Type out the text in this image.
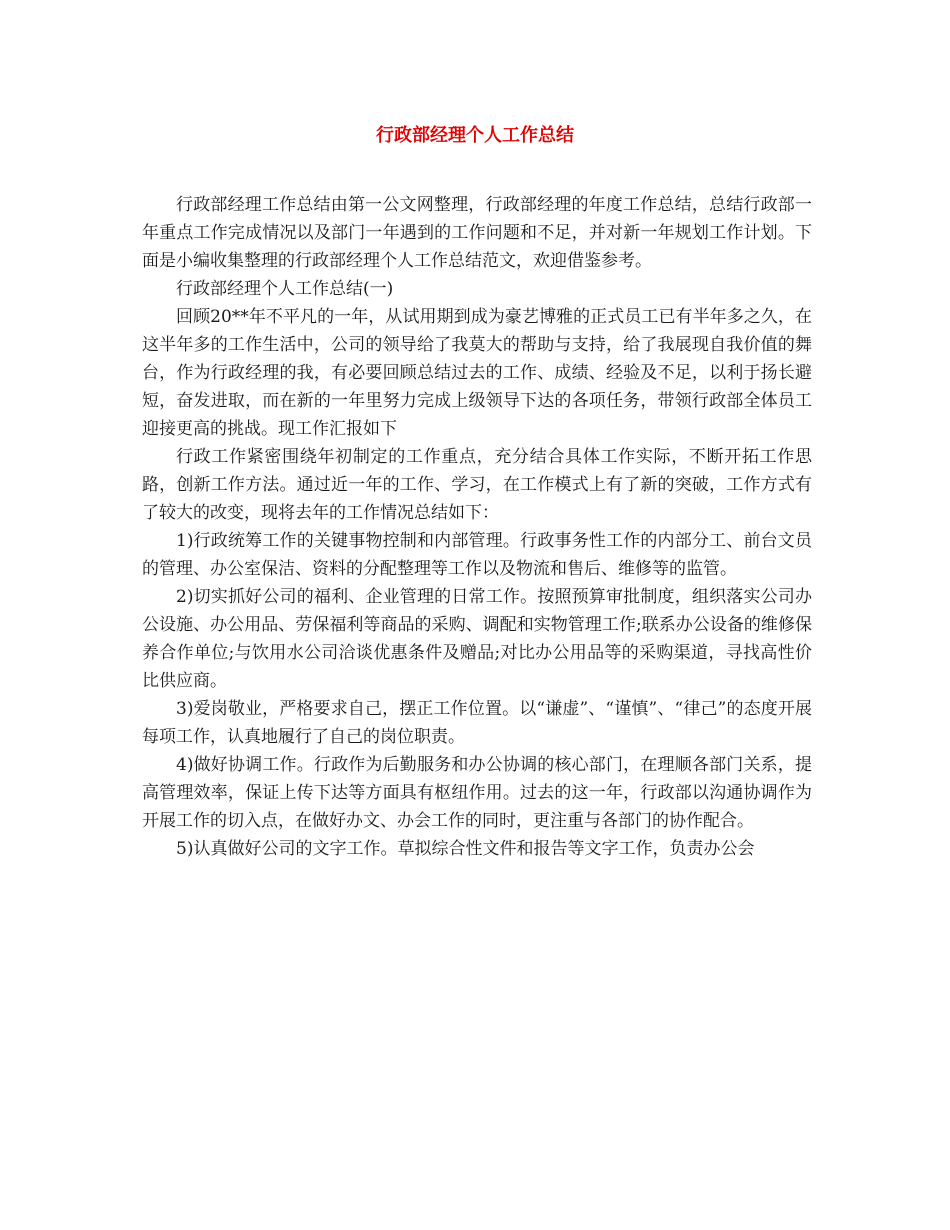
行政部经理个人工作总结

行政部经理工作总结由第一公文网整理，行政部经理的年度工作总结，总结行政部一年重点工作完成情况以及部门一年遇到的工作问题和不足，并对新一年规划工作计划。下面是小编收集整理的行政部经理个人工作总结范文，欢迎借鉴参考。

行政部经理个人工作总结(一)

回顾20**年不平凡的一年，从试用期到成为豪艺博雅的正式员工已有半年多之久，在这半年多的工作生活中，公司的领导给了我莫大的帮助与支持，给了我展现自我价值的舞台，作为行政经理的我，有必要回顾总结过去的工作、成绩、经验及不足，以利于扬长避短，奋发进取，而在新的一年里努力完成上级领导下达的各项任务，带领行政部全体员工迎接更高的挑战。现工作汇报如下

行政工作紧密围绕年初制定的工作重点，充分结合具体工作实际，不断开拓工作思路，创新工作方法。通过近一年的工作、学习，在工作模式上有了新的突破，工作方式有了较大的改变，现将去年的工作情况总结如下：

1)行政统筹工作的关键事物控制和内部管理。行政事务性工作的内部分工、前台文员的管理、办公室保洁、资料的分配整理等工作以及物流和售后、维修等的监管。

2)切实抓好公司的福利、企业管理的日常工作。按照预算审批制度，组织落实公司办公设施、办公用品、劳保福利等商品的采购、调配和实物管理工作;联系办公设备的维修保养合作单位;与饮用水公司洽谈优惠条件及赠品;对比办公用品等的采购渠道，寻找高性价比供应商。

3)爱岗敬业，严格要求自己，摆正工作位置。以“谦虚”、“谨慎”、“律己”的态度开展每项工作，认真地履行了自己的岗位职责。

4)做好协调工作。行政作为后勤服务和办公协调的核心部门，在理顺各部门关系，提高管理效率，保证上传下达等方面具有枢纽作用。过去的这一年，行政部以沟通协调作为开展工作的切入点，在做好办文、办会工作的同时，更注重与各部门的协作配合。

5)认真做好公司的文字工作。草拟综合性文件和报告等文字工作，负责办公会
